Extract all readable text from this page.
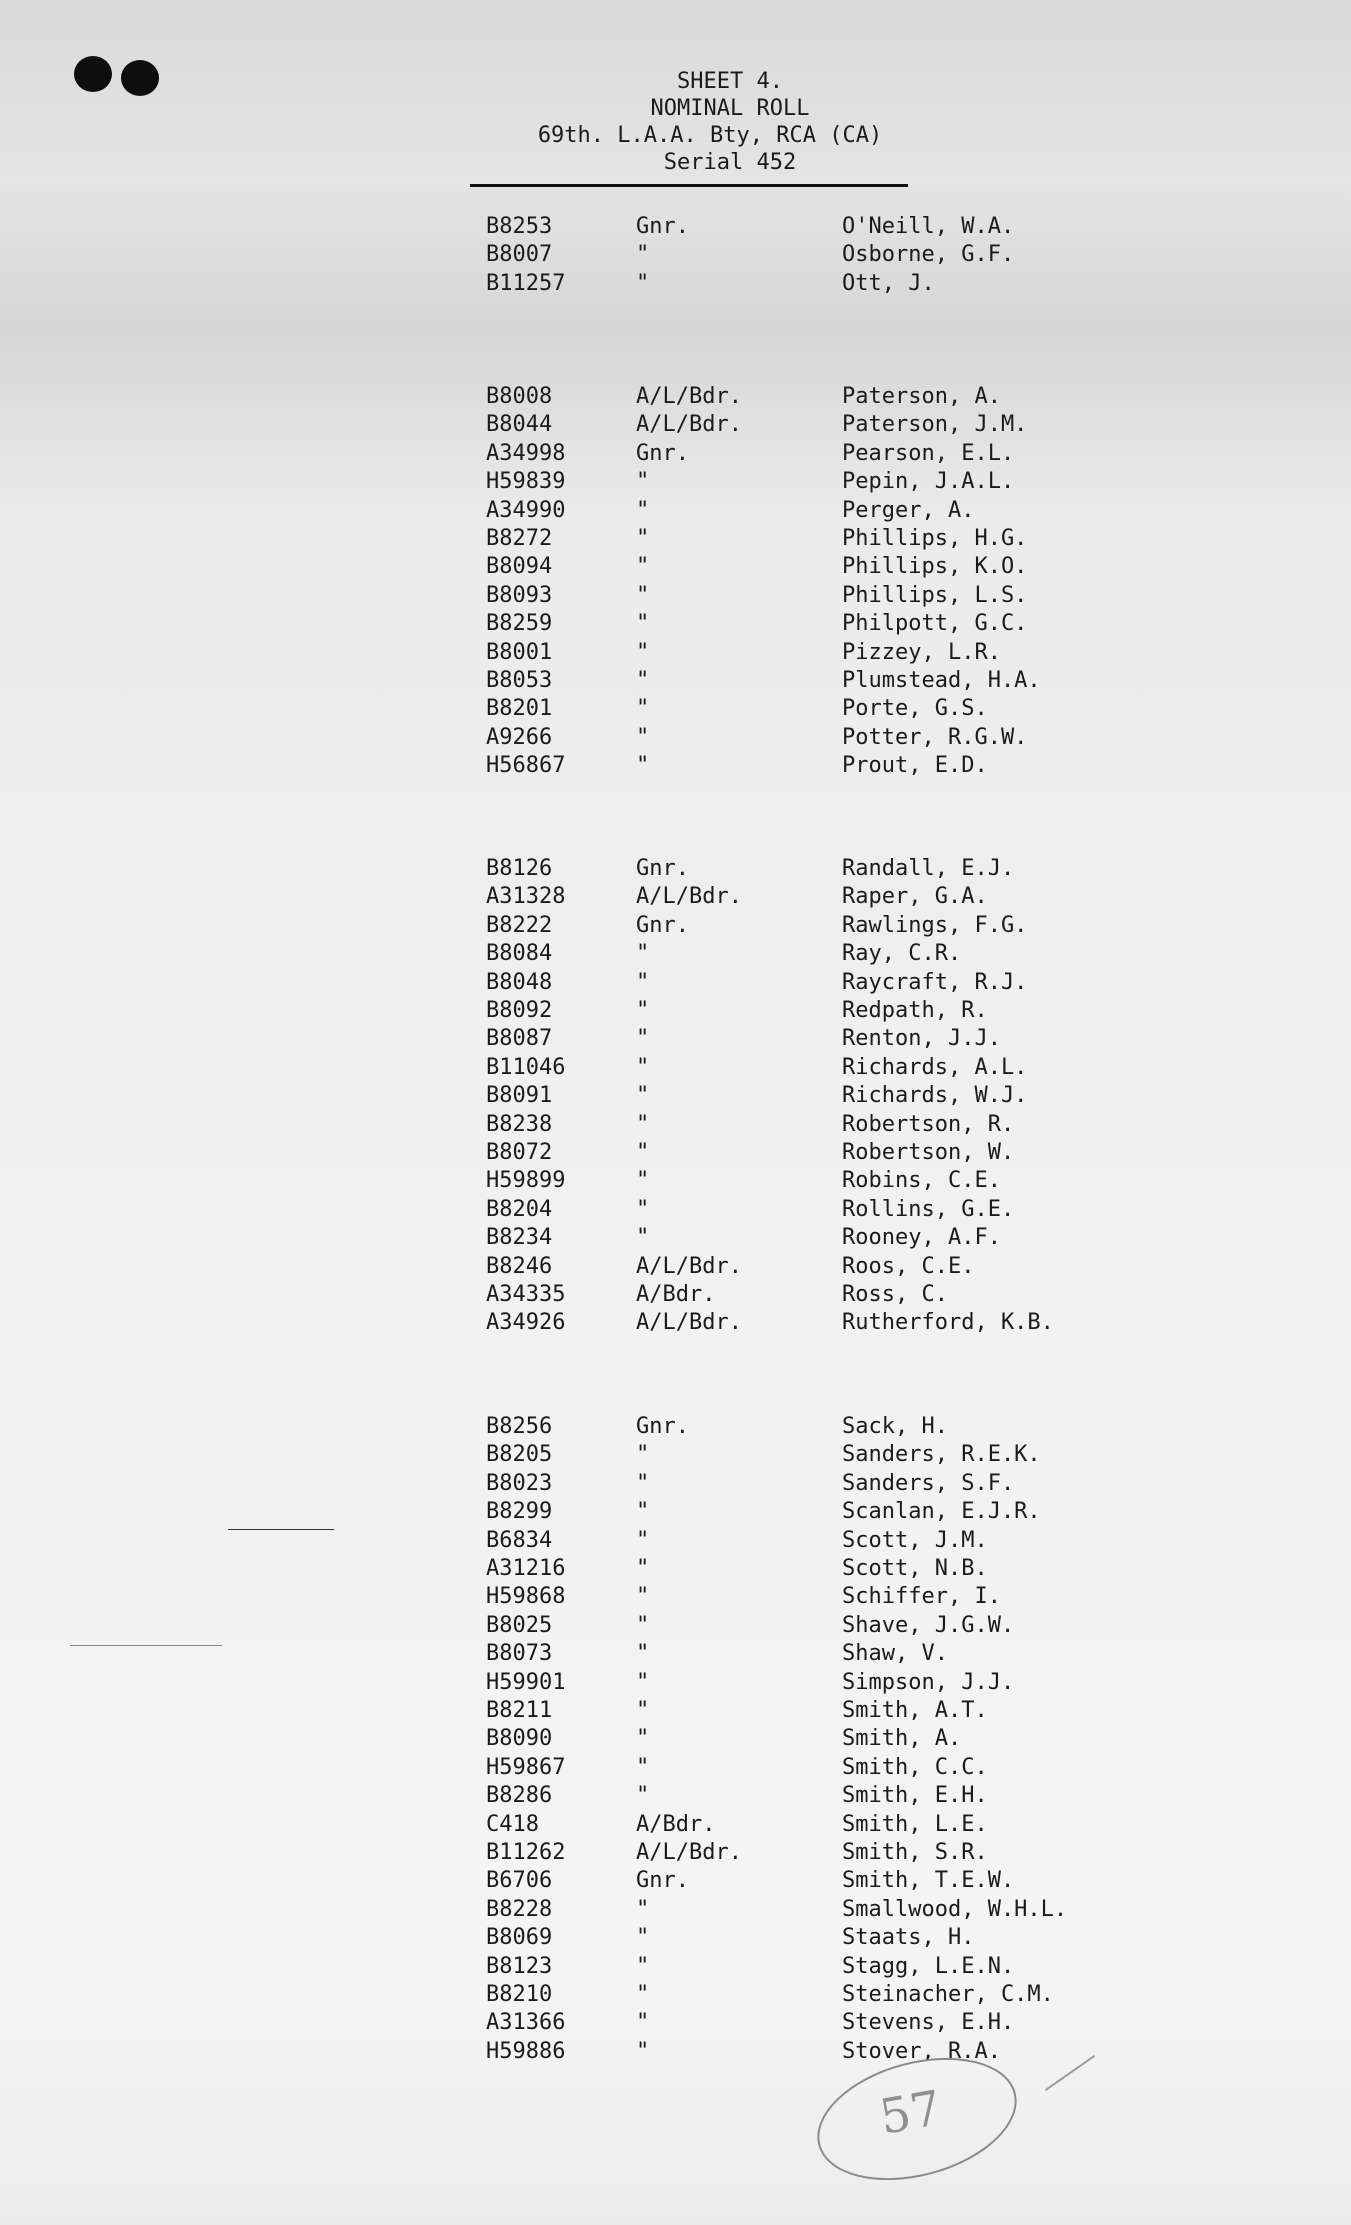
SHEET 4.
NOMINAL ROLL
69th. L.A.A. Bty, RCA (CA)
Serial 452
B8253	Gnr.	O'Neill, W.A.
B8007	"	Osborne, G.F.
B11257	"	Ott, J.
B8008	A/L/Bdr.	Paterson, A.
B8044	A/L/Bdr.	Paterson, J.M.
A34998	Gnr.	Pearson, E.L.
H59839	"	Pepin, J.A.L.
A34990	"	Perger, A.
B8272	"	Phillips, H.G.
B8094	"	Phillips, K.O.
B8093	"	Phillips, L.S.
B8259	"	Philpott, G.C.
B8001	"	Pizzey, L.R.
B8053	"	Plumstead, H.A.
B8201	"	Porte, G.S.
A9266	"	Potter, R.G.W.
H56867	"	Prout, E.D.
B8126	Gnr.	Randall, E.J.
A31328	A/L/Bdr.	Raper, G.A.
B8222	Gnr.	Rawlings, F.G.
B8084	"	Ray, C.R.
B8048	"	Raycraft, R.J.
B8092	"	Redpath, R.
B8087	"	Renton, J.J.
B11046	"	Richards, A.L.
B8091	"	Richards, W.J.
B8238	"	Robertson, R.
B8072	"	Robertson, W.
H59899	"	Robins, C.E.
B8204	"	Rollins, G.E.
B8234	"	Rooney, A.F.
B8246	A/L/Bdr.	Roos, C.E.
A34335	A/Bdr.	Ross, C.
A34926	A/L/Bdr.	Rutherford, K.B.
B8256	Gnr.	Sack, H.
B8205	"	Sanders, R.E.K.
B8023	"	Sanders, S.F.
B8299	"	Scanlan, E.J.R.
B6834	"	Scott, J.M.
A31216	"	Scott, N.B.
H59868	"	Schiffer, I.
B8025	"	Shave, J.G.W.
B8073	"	Shaw, V.
H59901	"	Simpson, J.J.
B8211	"	Smith, A.T.
B8090	"	Smith, A.
H59867	"	Smith, C.C.
B8286	"	Smith, E.H.
C418	A/Bdr.	Smith, L.E.
B11262	A/L/Bdr.	Smith, S.R.
B6706	Gnr.	Smith, T.E.W.
B8228	"	Smallwood, W.H.L.
B8069	"	Staats, H.
B8123	"	Stagg, L.E.N.
B8210	"	Steinacher, C.M.
A31366	"	Stevens, E.H.
H59886	"	Stover, R.A.
57
